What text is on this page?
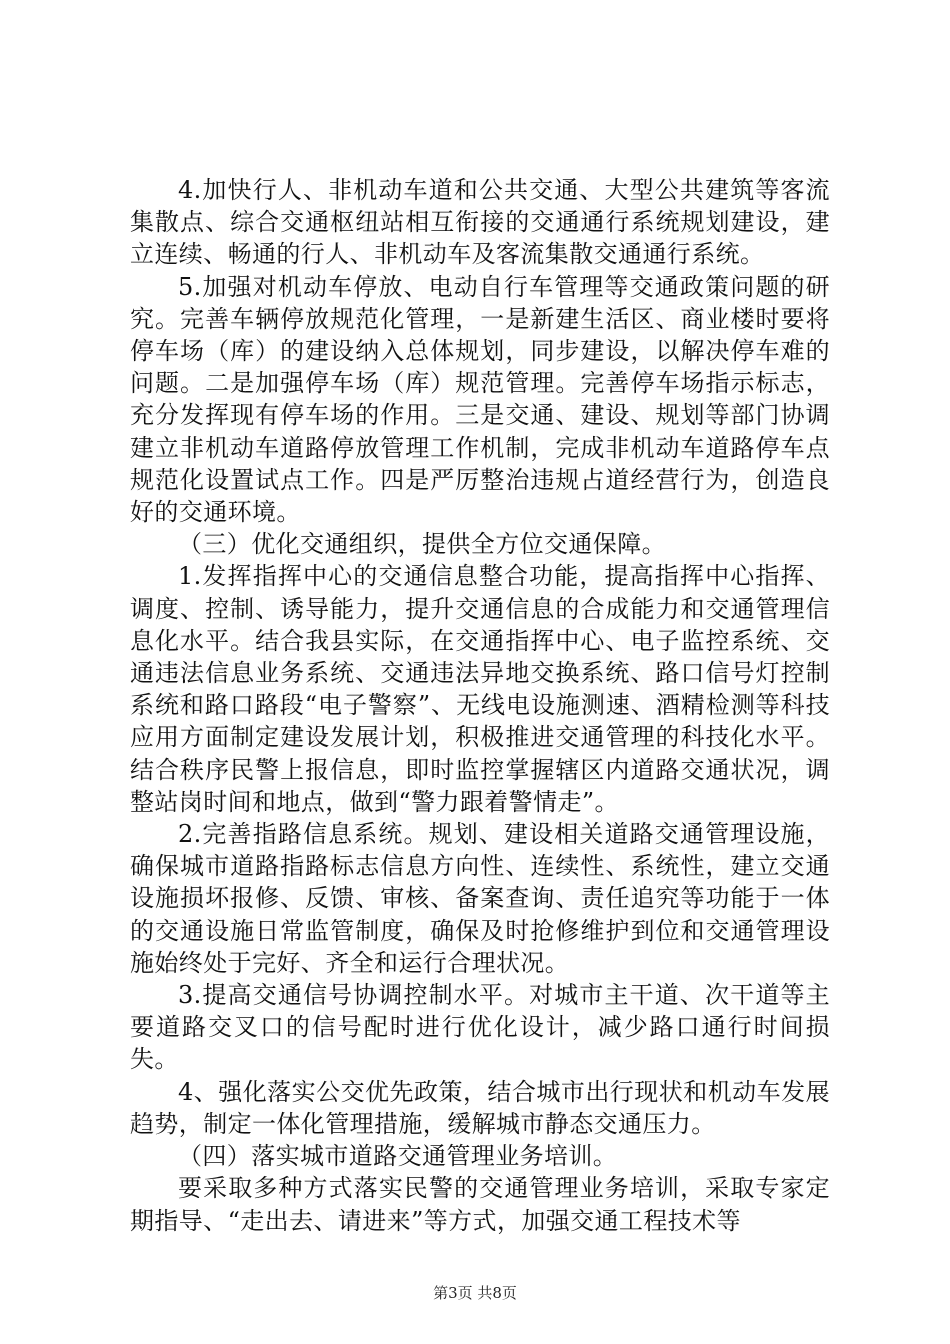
4.加快行人、非机动车道和公共交通、大型公共建筑等客流集散点、综合交通枢纽站相互衔接的交通通行系统规划建设，建立连续、畅通的行人、非机动车及客流集散交通通行系统。

5.加强对机动车停放、电动自行车管理等交通政策问题的研究。完善车辆停放规范化管理，一是新建生活区、商业楼时要将停车场（库）的建设纳入总体规划，同步建设，以解决停车难的问题。二是加强停车场（库）规范管理。完善停车场指示标志，充分发挥现有停车场的作用。三是交通、建设、规划等部门协调建立非机动车道路停放管理工作机制，完成非机动车道路停车点规范化设置试点工作。四是严厉整治违规占道经营行为，创造良好的交通环境。

（三）优化交通组织，提供全方位交通保障。

1.发挥指挥中心的交通信息整合功能，提高指挥中心指挥、调度、控制、诱导能力，提升交通信息的合成能力和交通管理信息化水平。结合我县实际，在交通指挥中心、电子监控系统、交通违法信息业务系统、交通违法异地交换系统、路口信号灯控制系统和路口路段“电子警察”、无线电设施测速、酒精检测等科技应用方面制定建设发展计划，积极推进交通管理的科技化水平。结合秩序民警上报信息，即时监控掌握辖区内道路交通状况，调整站岗时间和地点，做到“警力跟着警情走”。

2.完善指路信息系统。规划、建设相关道路交通管理设施，确保城市道路指路标志信息方向性、连续性、系统性，建立交通设施损坏报修、反馈、审核、备案查询、责任追究等功能于一体的交通设施日常监管制度，确保及时抢修维护到位和交通管理设施始终处于完好、齐全和运行合理状况。

3.提高交通信号协调控制水平。对城市主干道、次干道等主要道路交叉口的信号配时进行优化设计，减少路口通行时间损失。

4、强化落实公交优先政策，结合城市出行现状和机动车发展趋势，制定一体化管理措施，缓解城市静态交通压力。

（四）落实城市道路交通管理业务培训。

要采取多种方式落实民警的交通管理业务培训，采取专家定期指导、“走出去、请进来”等方式，加强交通工程技术等

第3页 共8页
